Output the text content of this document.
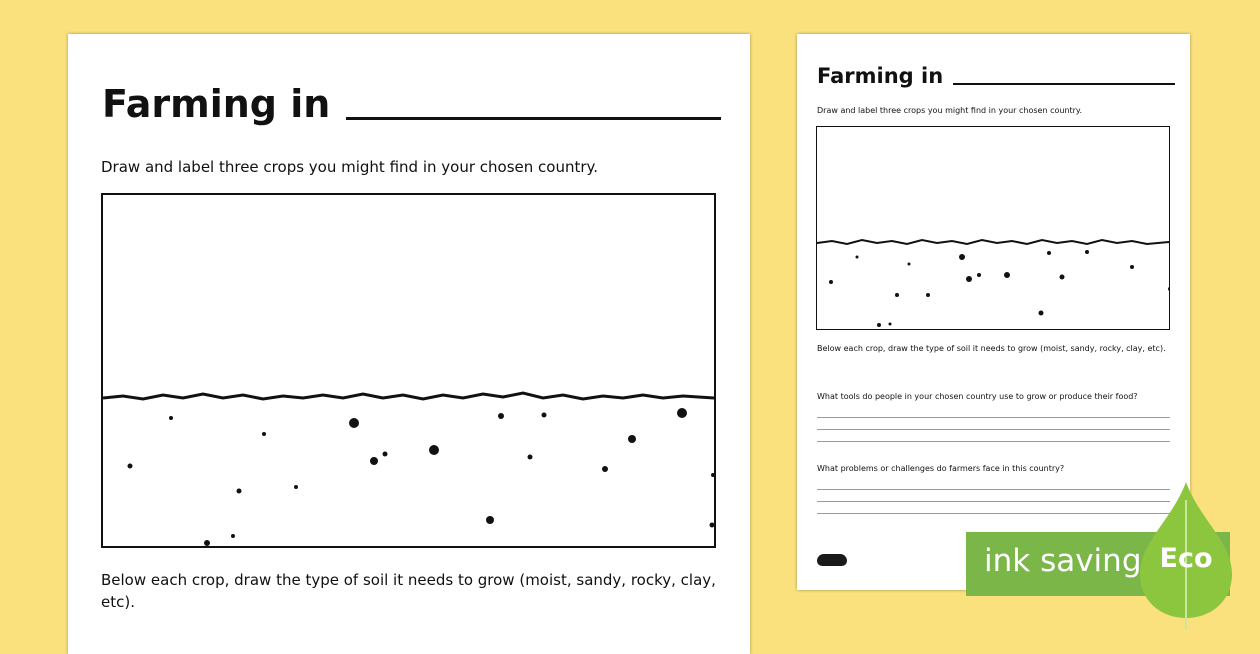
Farming in
Draw and label three crops you might find in your chosen country.
Below each crop, draw the type of soil it needs to grow (moist, sandy, rocky, clay, etc).
Farming in
Draw and label three crops you might find in your chosen country.
Below each crop, draw the type of soil it needs to grow (moist, sandy, rocky, clay, etc).
What tools do people in your chosen country use to grow or produce their food?
What problems or challenges do farmers face in this country?
ink saving Eco
